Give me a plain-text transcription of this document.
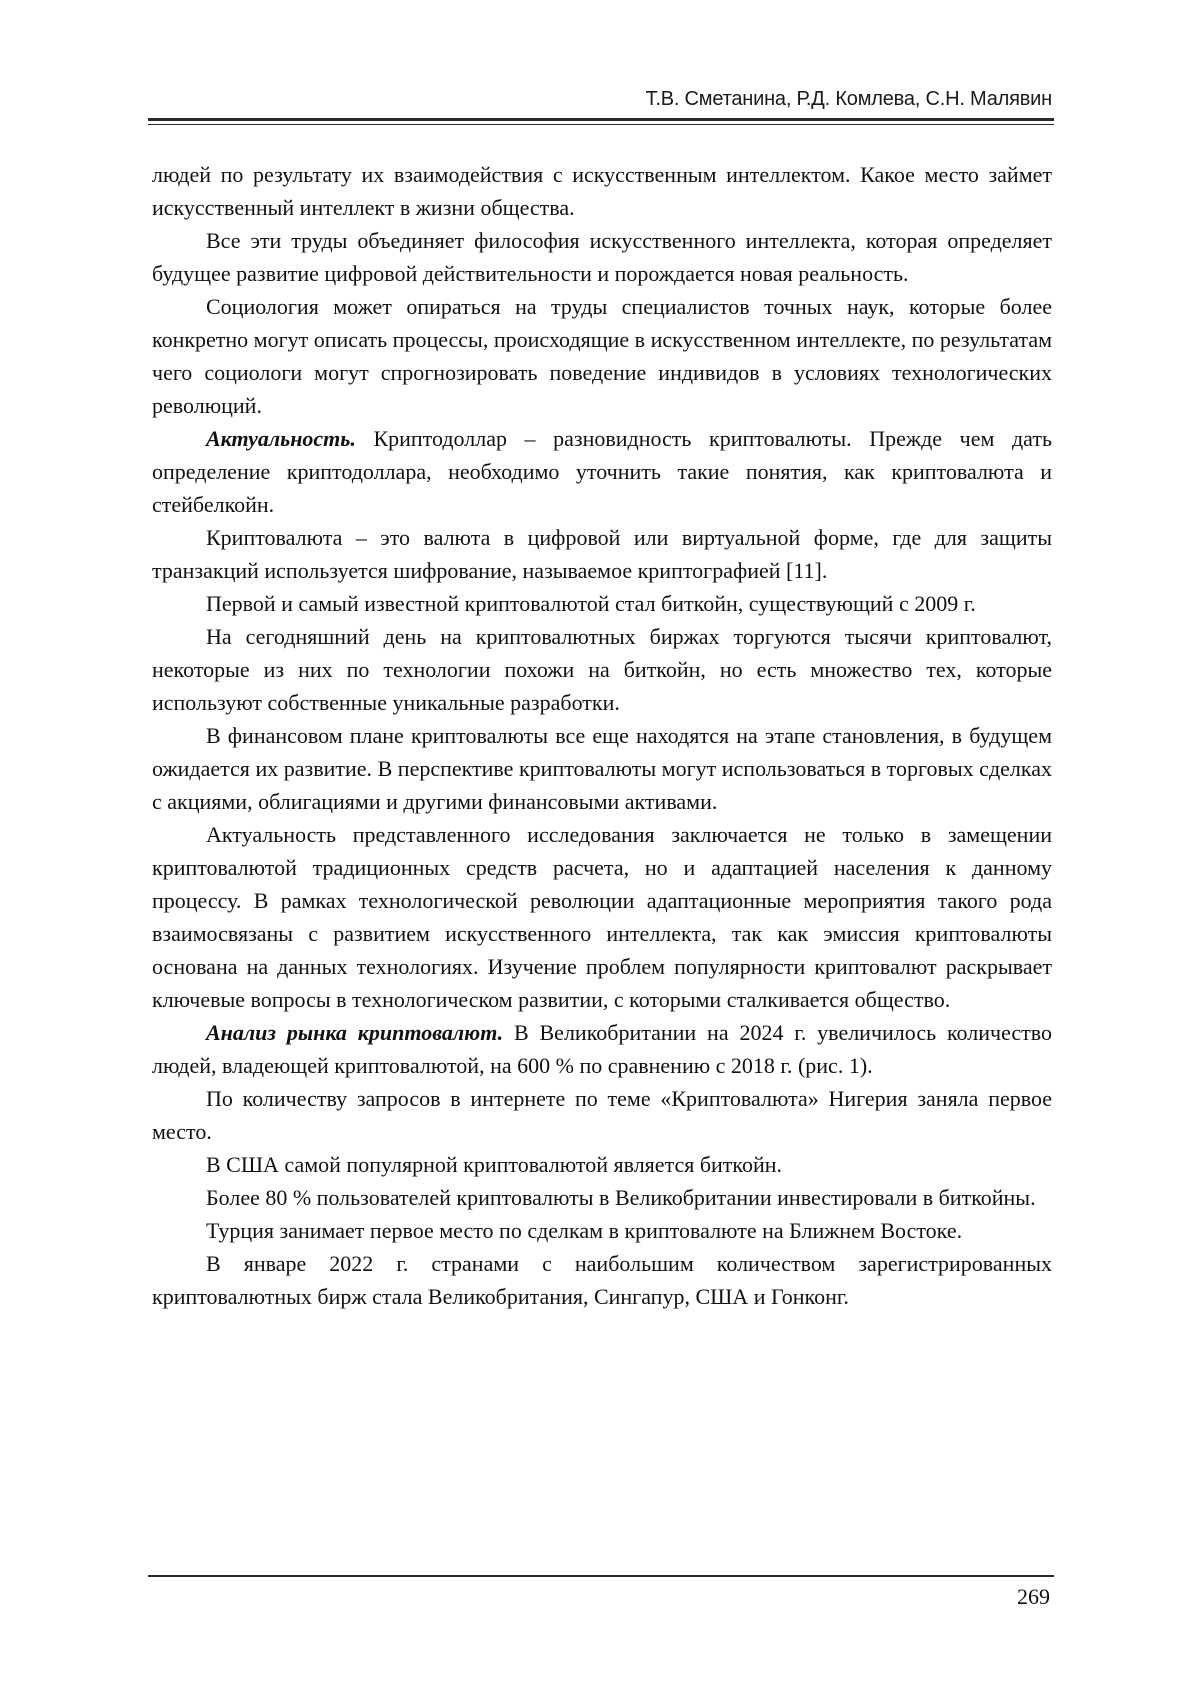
Т.В. Сметанина, Р.Д. Комлева, С.Н. Малявин

людей по результату их взаимодействия с искусственным интеллектом. Какое место займет искусственный интеллект в жизни общества.

Все эти труды объединяет философия искусственного интеллекта, кото­рая определяет будущее развитие цифровой действительности и порождается новая реальность.

Социология может опираться на труды специалистов точных наук, кото­рые более конкретно могут описать процессы, происходящие в искусственном интеллекте, по результатам чего социологи могут спрогнозировать поведение индивидов в условиях технологических революций.

Актуальность. Криптодоллар – разновидность криптовалюты. Прежде чем дать определение криптодоллара, необходимо уточнить такие понятия, как криптовалюта и стейбелкойн.

Криптовалюта – это валюта в цифровой или виртуальной форме, где для за­щиты транзакций используется шифрование, называемое криптографией [11].

Первой и самый известной криптовалютой стал биткойн, существующий с 2009 г.

На сегодняшний день на криптовалютных биржах торгуются тысячи криптовалют, некоторые из них по технологии похожи на биткойн, но есть множество тех, которые используют собственные уникальные разработки.

В финансовом плане криптовалюты все еще находятся на этапе становле­ния, в будущем ожидается их развитие. В перспективе криптовалюты могут использоваться в торговых сделках с акциями, облигациями и другими финан­совыми активами.

Актуальность представленного исследования заключается не только в за­мещении криптовалютой традиционных средств расчета, но и адаптацией на­селения к данному процессу. В рамках технологической революции адаптаци­онные мероприятия такого рода взаимосвязаны с развитием искусственного интеллекта, так как эмиссия криптовалюты основана на данных технологиях. Изучение проблем популярности криптовалют раскрывает ключевые вопросы в технологическом развитии, с которыми сталкивается общество.

Анализ рынка криптовалют. В Великобритании на 2024 г. увеличилось количество людей, владеющей криптовалютой, на 600 % по сравнению с 2018 г. (рис. 1).

По количеству запросов в интернете по теме «Криптовалюта» Нигерия заняла первое место.

В США самой популярной криптовалютой является биткойн.

Более 80 % пользователей криптовалюты в Великобритании инвестирова­ли в биткойны.

Турция занимает первое место по сделкам в криптовалюте на Ближнем Востоке.

В январе 2022 г. странами с наибольшим количеством зарегистрирован­ных криптовалютных бирж стала Великобритания, Сингапур, США и Гонконг.

269
